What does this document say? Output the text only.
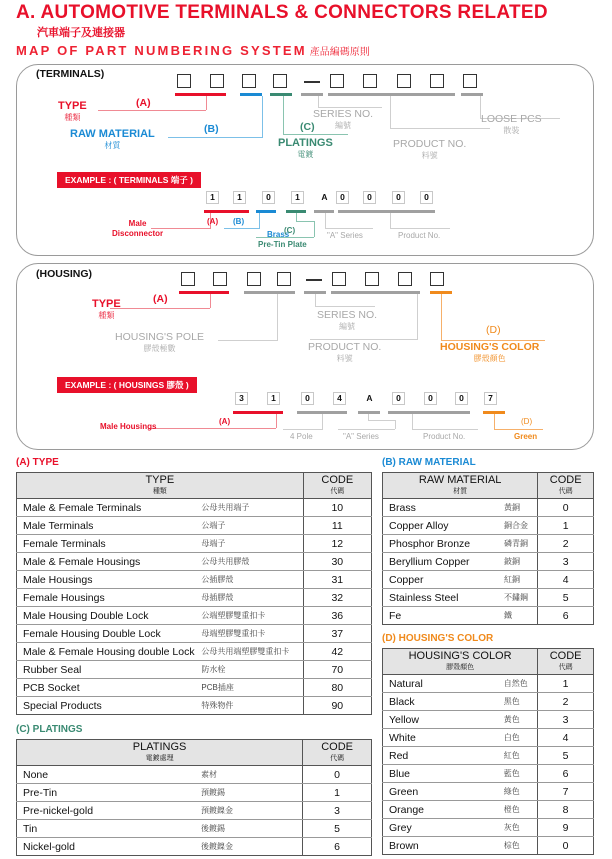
A. AUTOMOTIVE TERMINALS & CONNECTORS RELATED
汽車端子及連接器
MAP OF PART NUMBERING SYSTEM 產品編碼原則
(TERMINALS)
TYPE
種類
(A)
RAW MATERIAL
材質
(B)	(C)
PLATINGS
電鍍
SERIES NO.
編號
PRODUCT NO.
料號
LOOSE PCS
散裝
EXAMPLE : ( TERMINALS 端子 )
1	1	0	1	A	0	0	0	0
Male
Disconnector
(A) (B)
Brass
(C)
Pre-Tin Plate
"A" Series	Product No.
(HOUSING)
TYPE
種類
(A)
HOUSING'S POLE
膠殼極數
SERIES NO.
編號
PRODUCT NO.
料號
(D)
HOUSING'S COLOR
膠殼顏色
EXAMPLE : ( HOUSINGS 膠殼 )
3	1	0	4	A	0	0	0	7
Male Housings
(A)
4 Pole	"A" Series	Product No.
(D)
Green
(A) TYPE
TYPE
種類		CODE
代碼

Male & Female Terminals	公母共用端子	10
Male Terminals	公端子	11
Female Terminals	母端子	12
Male & Female Housings	公母共用膠殼	30
Male Housings	公插膠殼	31
Female Housings	母插膠殼	32
Male Housing Double Lock	公端塑膠雙重扣卡	36
Female Housing Double Lock	母端塑膠雙重扣卡	37
Male & Female Housing double Lock	公母共用端塑膠雙重扣卡	42
Rubber Seal	防水栓	70
PCB Socket	PCB插座	80
Special Products	特殊物件	90
(C) PLATINGS
PLATINGS
電鍍處理		CODE
代碼

None	素材	0
Pre-Tin	預鍍錫	1
Pre-nickel-gold	預鍍鎳金	3
Tin	後鍍錫	5
Nickel-gold	後鍍鎳金	6
(B) RAW MATERIAL
RAW MATERIAL
材質		CODE
代碼

Brass	黃銅	0
Copper Alloy	銅合金	1
Phosphor Bronze	磷青銅	2
Beryllium Copper	鈹銅	3
Copper	紅銅	4
Stainless Steel	不鏽鋼	5
Fe	鐵	6
(D) HOUSING'S COLOR
HOUSING'S COLOR
膠殼顏色		CODE
代碼

Natural	自然色	1
Black	黑色	2
Yellow	黃色	3
White	白色	4
Red	紅色	5
Blue	藍色	6
Green	綠色	7
Orange	橙色	8
Grey	灰色	9
Brown	棕色	0
